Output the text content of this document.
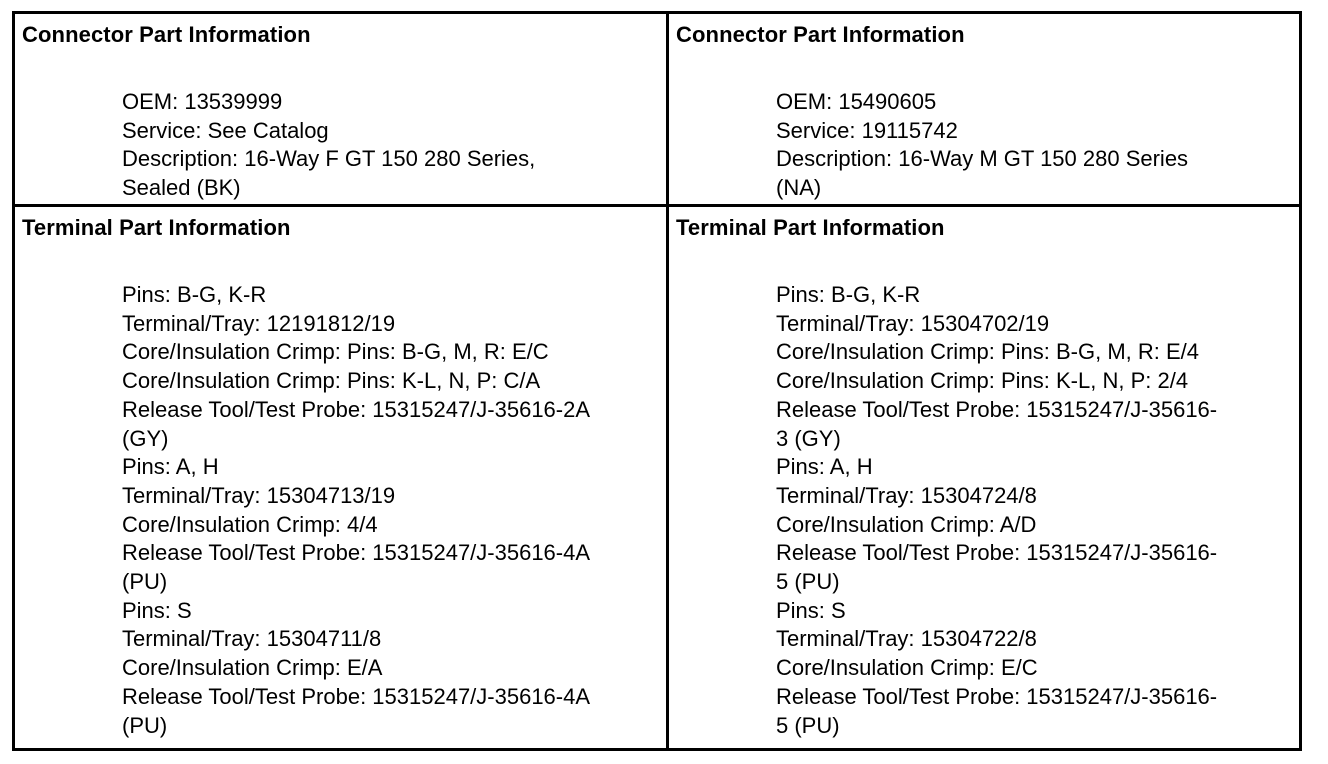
Connector Part Information
OEM: 13539999
Service: See Catalog
Description: 16-Way F GT 150 280 Series,
Sealed (BK)
Connector Part Information
OEM: 15490605
Service: 19115742
Description: 16-Way M GT 150 280 Series
(NA)
Terminal Part Information
Pins: B-G, K-R
Terminal/Tray: 12191812/19
Core/Insulation Crimp: Pins: B-G, M, R: E/C
Core/Insulation Crimp: Pins: K-L, N, P: C/A
Release Tool/Test Probe: 15315247/J-35616-2A
(GY)
Pins: A, H
Terminal/Tray: 15304713/19
Core/Insulation Crimp: 4/4
Release Tool/Test Probe: 15315247/J-35616-4A
(PU)
Pins: S
Terminal/Tray: 15304711/8
Core/Insulation Crimp: E/A
Release Tool/Test Probe: 15315247/J-35616-4A
(PU)
Terminal Part Information
Pins: B-G, K-R
Terminal/Tray: 15304702/19
Core/Insulation Crimp: Pins: B-G, M, R: E/4
Core/Insulation Crimp: Pins: K-L, N, P: 2/4
Release Tool/Test Probe: 15315247/J-35616-
3 (GY)
Pins: A, H
Terminal/Tray: 15304724/8
Core/Insulation Crimp: A/D
Release Tool/Test Probe: 15315247/J-35616-
5 (PU)
Pins: S
Terminal/Tray: 15304722/8
Core/Insulation Crimp: E/C
Release Tool/Test Probe: 15315247/J-35616-
5 (PU)
